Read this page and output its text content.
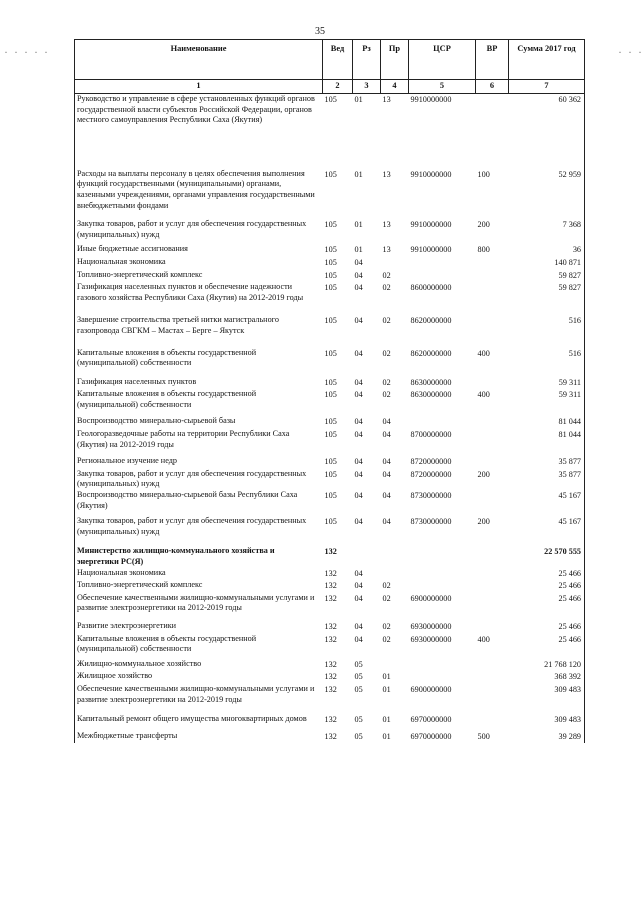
35
. . . . . Наименование	Вед	Рз	Пр	ЦСР	ВР	Сумма 2017 год . . .

1	2	3	4	5	6	7
Руководство и управление в сфере установленных функций органов государственной власти субъектов Российской Федерации, органов местного самоуправления Республики Саха (Якутия)	105	01	13	9910000000		60 362
Расходы на выплаты персоналу в целях обеспечения выполнения функций государственными (муниципальными) органами, казенными учреждениями, органами управления государственными внебюджетными фондами	105	01	13	9910000000	100	52 959
Закупка товаров, работ и услуг для обеспечения государственных (муниципальных) нужд	105	01	13	9910000000	200	7 368
Иные бюджетные ассигнования	105	01	13	9910000000	800	36
Национальная экономика	105	04				140 871
Топливно-энергетический комплекс	105	04	02			59 827
Газификация населенных пунктов и обеспечение надежности газового хозяйства Республики Саха (Якутия) на 2012-2019 годы	105	04	02	8600000000		59 827
Завершение строительства третьей нитки магистрального газопровода СВГКМ – Мастах – Берге – Якутск	105	04	02	8620000000		516
Капитальные вложения в объекты государственной (муниципальной) собственности	105	04	02	8620000000	400	516
Газификация населенных пунктов	105	04	02	8630000000		59 311
Капитальные вложения в объекты государственной (муниципальной) собственности	105	04	02	8630000000	400	59 311
Воспроизводство минерально-сырьевой базы	105	04	04			81 044
Геологоразведочные работы на территории Республики Саха (Якутия) на 2012-2019 годы	105	04	04	8700000000		81 044
Региональное изучение недр	105	04	04	8720000000		35 877
Закупка товаров, работ и услуг для обеспечения государственных (муниципальных) нужд	105	04	04	8720000000	200	35 877
Воспроизводство минерально-сырьевой базы Республики Саха (Якутия)	105	04	04	8730000000		45 167
Закупка товаров, работ и услуг для обеспечения государственных (муниципальных) нужд	105	04	04	8730000000	200	45 167
Министерство жилищно-коммунального хозяйства и энергетики РС(Я)	132					22 570 555
Национальная экономика	132	04				25 466
Топливно-энергетический комплекс	132	04	02			25 466
Обеспечение качественными жилищно-коммунальными услугами и развитие электроэнергетики на 2012-2019 годы	132	04	02	6900000000		25 466
Развитие электроэнергетики	132	04	02	6930000000		25 466
Капитальные вложения в объекты государственной (муниципальной) собственности	132	04	02	6930000000	400	25 466
Жилищно-коммунальное хозяйство	132	05				21 768 120
Жилищное хозяйство	132	05	01			368 392
Обеспечение качественными жилищно-коммунальными услугами и развитие электроэнергетики на 2012-2019 годы	132	05	01	6900000000		309 483
Капитальный ремонт общего имущества многоквартирных домов	132	05	01	6970000000		309 483
Межбюджетные трансферты	132	05	01	6970000000	500	39 289
